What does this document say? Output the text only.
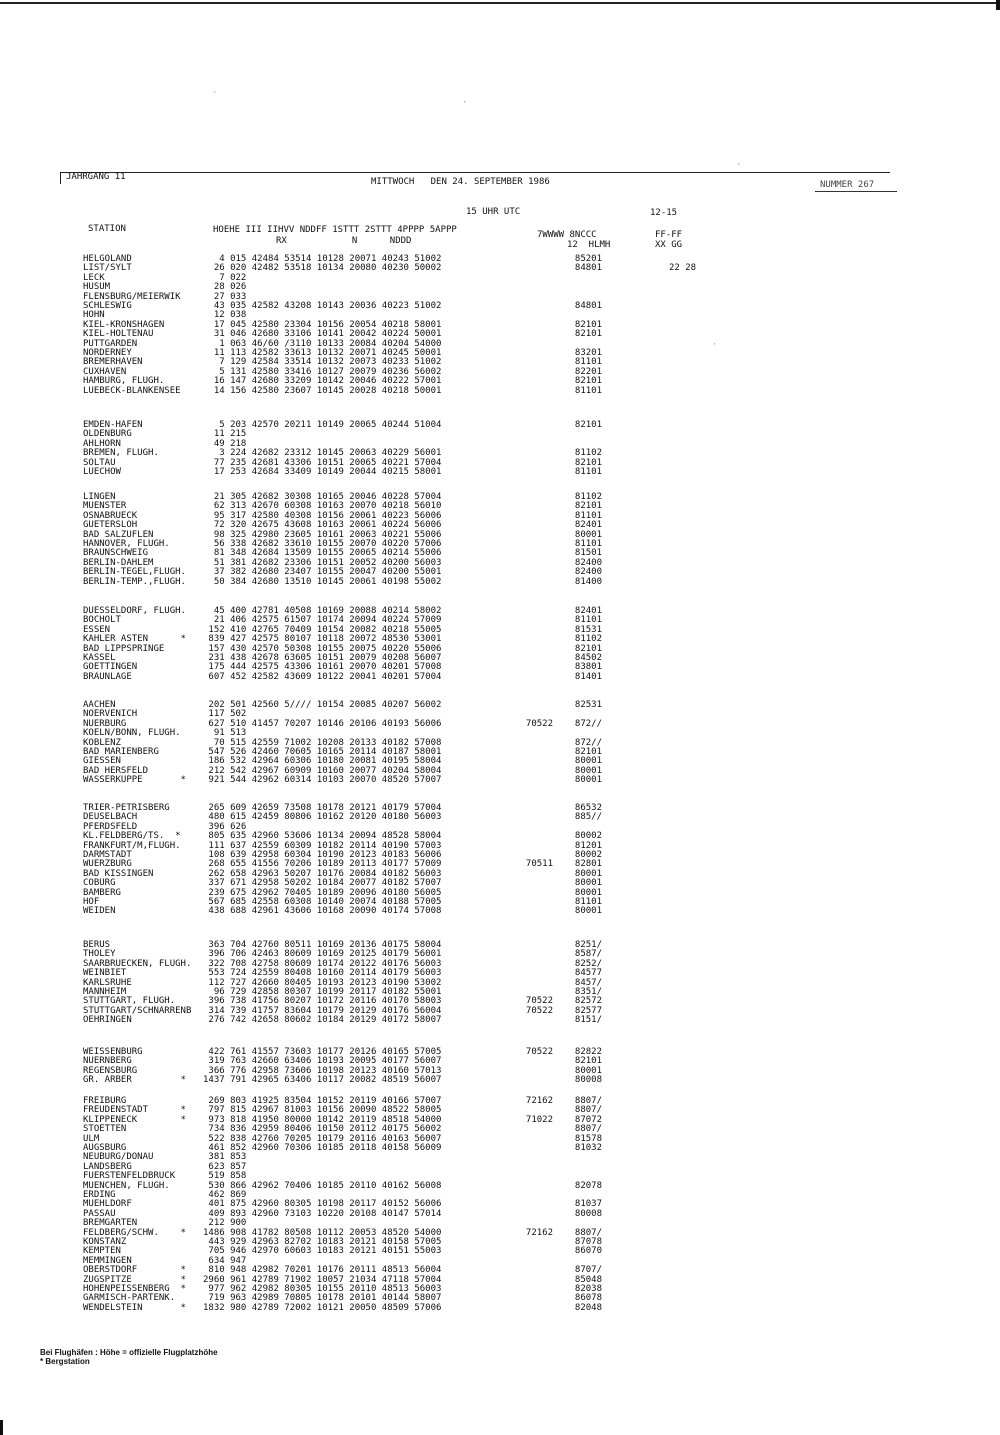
JAHRGANG 11	MITTWOCH   DEN 24. SEPTEMBER 1986	NUMMER 267
15 UHR UTC	12-15
STATION	HOEHE III IIHVV NDDFF 1STTT 2STTT 4PPPP 5APPP
RX            N      NDDD
7WWWW 8NCCC
12  HLMH
FF-FF
XX GG
HELGOLAND	4 015 42484 53514 10128 20071 40243 51002	85201
LIST/SYLT	26 020 42482 53518 10134 20080 40230 50002	84801	22 28
LECK	7 022
HUSUM	28 026
FLENSBURG/MEIERWIK 27 033
SCHLESWIG	43 035 42582 43208 10143 20036 40223 51002	84801
HOHN	12 038
KIEL-KRONSHAGEN	17 045 42580 23304 10156 20054 40218 58001	82101
KIEL-HOLTENAU	31 046 42680 33106 10141 20042 40224 50001	82101
PUTTGARDEN	1 063 46/60 /3110 10133 20084 40204 54000
NORDERNEY	11 113 42582 33613 10132 20071 40245 50001	83201
BREMERHAVEN	7 129 42584 33514 10132 20073 40233 51002	81101
CUXHAVEN	5 131 42580 33416 10127 20079 40236 56002	82201
HAMBURG, FLUGH.	16 147 42680 33209 10142 20046 40222 57001	82101
LUEBECK-BLANKENSEE 14 156 42580 23607 10145 20028 40218 50001	81101
EMDEN-HAFEN	5 203 42570 20211 10149 20065 40244 51004	82101
OLDENBURG	11 215
AHLHORN	49 218
BREMEN, FLUGH.	3 224 42682 23312 10145 20063 40229 56001	81102
SOLTAU	77 235 42681 43306 10151 20065 40221 57004	82101
LUECHOW	17 253 42684 33409 10149 20044 40215 58001	81101
LINGEN	21 305 42682 30308 10165 20046 40228 57004	81102
MUENSTER	62 313 42670 60308 10163 20070 40218 56010	82101
OSNABRUECK	95 317 42580 40308 10156 20061 40223 56006	81101
GUETERSLOH	72 320 42675 43608 10163 20061 40224 56006	82401
BAD SALZUFLEN	98 325 42980 23605 10161 20063 40221 55006	80001
HANNOVER, FLUGH.	56 338 42682 33610 10155 20070 40220 57006	81101
BRAUNSCHWEIG	81 348 42684 13509 10155 20065 40214 55006	81501
BERLIN-DAHLEM	51 381 42682 23306 10151 20052 40200 56003	82400
BERLIN-TEGEL,FLUGH. 37 382 42680 23407 10155 20047 40200 55001	82400
BERLIN-TEMP.,FLUGH. 50 384 42680 13510 10145 20061 40198 55002	81400
DUESSELDORF, FLUGH. 45 400 42781 40508 10169 20088 40214 58002	82401
BOCHOLT	21 406 42575 61507 10174 20094 40224 57009	81101
ESSEN	152 410 42765 70409 10154 20082 40218 55005	81531
KAHLER ASTEN      * 839 427 42575 80107 10118 20072 48530 53001	81102
BAD LIPPSPRINGE	157 430 42570 50308 10155 20075 40220 55006	82101
KASSEL	231 438 42678 63605 10151 20079 40208 56007	84502
GOETTINGEN	175 444 42575 43306 10161 20070 40201 57008	83801
BRAUNLAGE	607 452 42582 43609 10122 20041 40201 57004	81401
AACHEN	202 501 42560 5//// 10154 20085 40207 56002	82531
NOERVENICH	117 502
NUERBURG	627 510 41457 70207 10146 20106 40193 56006	70522 872//
KOELN/BONN, FLUGH. 91 513
KOBLENZ	70 515 42559 71002 10208 20133 40182 57008	872//
BAD MARIENBERG	547 526 42460 70605 10165 20114 40187 58001	82101
GIESSEN	186 532 42964 60306 10180 20081 40195 58004	80001
BAD HERSFELD	212 542 42967 60909 10160 20077 40204 58004	80001
WASSERKUPPE       * 921 544 42962 60314 10103 20070 48520 57007	80001
TRIER-PETRISBERG	265 609 42659 73508 10178 20121 40179 57004	86532
DEUSELBACH	480 615 42459 80806 10162 20120 40180 56003	885//
PFERDSFELD	396 626
KL.FELDBERG/TS.  * 805 635 42960 53606 10134 20094 48528 58004	80002
FRANKFURT/M,FLUGH. 111 637 42559 60309 10182 20114 40190 57003	81201
DARMSTADT	108 639 42958 60304 10190 20123 40183 56006	80002
WUERZBURG	268 655 41556 70206 10189 20113 40177 57009	70511 82801
BAD KISSINGEN	262 658 42963 50207 10176 20084 40182 56003	80001
COBURG	337 671 42958 50202 10184 20077 40182 57007	80001
BAMBERG	239 675 42962 70405 10189 20096 40180 56005	80001
HOF	567 685 42558 60308 10140 20074 40188 57005	81101
WEIDEN	438 688 42961 43606 10168 20090 40174 57008	80001
BERUS	363 704 42760 80511 10169 20136 40175 58004	8251/
THOLEY	396 706 42463 80609 10169 20125 40179 56001	8587/
SAARBRUECKEN, FLUGH. 322 708 42758 80609 10174 20122 40176 56003	8252/
WEINBIET	553 724 42559 80408 10160 20114 40179 56003	84577
KARLSRUHE	112 727 42660 80405 10193 20123 40190 53002	8457/
MANNHEIM	96 729 42858 80307 10199 20117 40182 55001	8351/
STUTTGART, FLUGH.	396 738 41756 80207 10172 20116 40170 58003	70522 82572
STUTTGART/SCHNARRENB 314 739 41757 83604 10179 20129 40176 56004	70522 82577
OEHRINGEN	276 742 42658 80602 10184 20129 40172 58007	8151/
WEISSENBURG	422 761 41557 73603 10177 20126 40165 57005	70522 82822
NUERNBERG	319 763 42660 63406 10193 20095 40177 56007	82101
REGENSBURG	366 776 42958 73606 10198 20123 40160 57013	80001
GR. ARBER         * 1437 791 42965 63406 10117 20082 48519 56007	80008
FREIBURG	269 803 41925 83504 10152 20119 40166 57007	72162 8807/
FREUDENSTADT      * 797 815 42967 81003 10156 20090 48522 58005	8807/
KLIPPENECK        * 973 818 41950 80000 10142 20119 48518 54000	71022 87072
STOETTEN	734 836 42959 80406 10150 20112 40175 56002	8807/
ULM	522 838 42760 70205 10179 20116 40163 56007	81578
AUGSBURG	461 852 42960 70306 10185 20118 40158 56009	81032
NEUBURG/DONAU	381 853
LANDSBERG	623 857
FUERSTENFELDBRUCK	519 858
MUENCHEN, FLUGH.	530 866 42962 70406 10185 20110 40162 56008	82078
ERDING	462 869
MUEHLDORF	401 875 42960 80305 10198 20117 40152 56006	81037
PASSAU	409 893 42960 73103 10220 20108 40147 57014	80008
BREMGARTEN	212 900
FELDBERG/SCHW.    * 1486 908 41782 80508 10112 20053 48520 54000	72162 8807/
KONSTANZ	443 929 42963 82702 10183 20121 40158 57005	87078
KEMPTEN	705 946 42970 60603 10183 20121 40151 55003	86070
MEMMINGEN	634 947
OBERSTDORF        * 810 948 42982 70201 10176 20111 48513 56004	8707/
ZUGSPITZE         * 2960 961 42789 71902 10057 21034 47118 57004	85048
HOHENPEISSENBERG  * 977 962 42982 80305 10155 20110 48513 56003	82038
GARMISCH-PARTENK.	719 963 42989 70805 10178 20101 40144 58007	86078
WENDELSTEIN       * 1832 980 42789 72002 10121 20050 48509 57006	82048
Bei Flughäfen : Höhe = offizielle Flugplatzhöhe
* Bergstation
·
·
·
·
